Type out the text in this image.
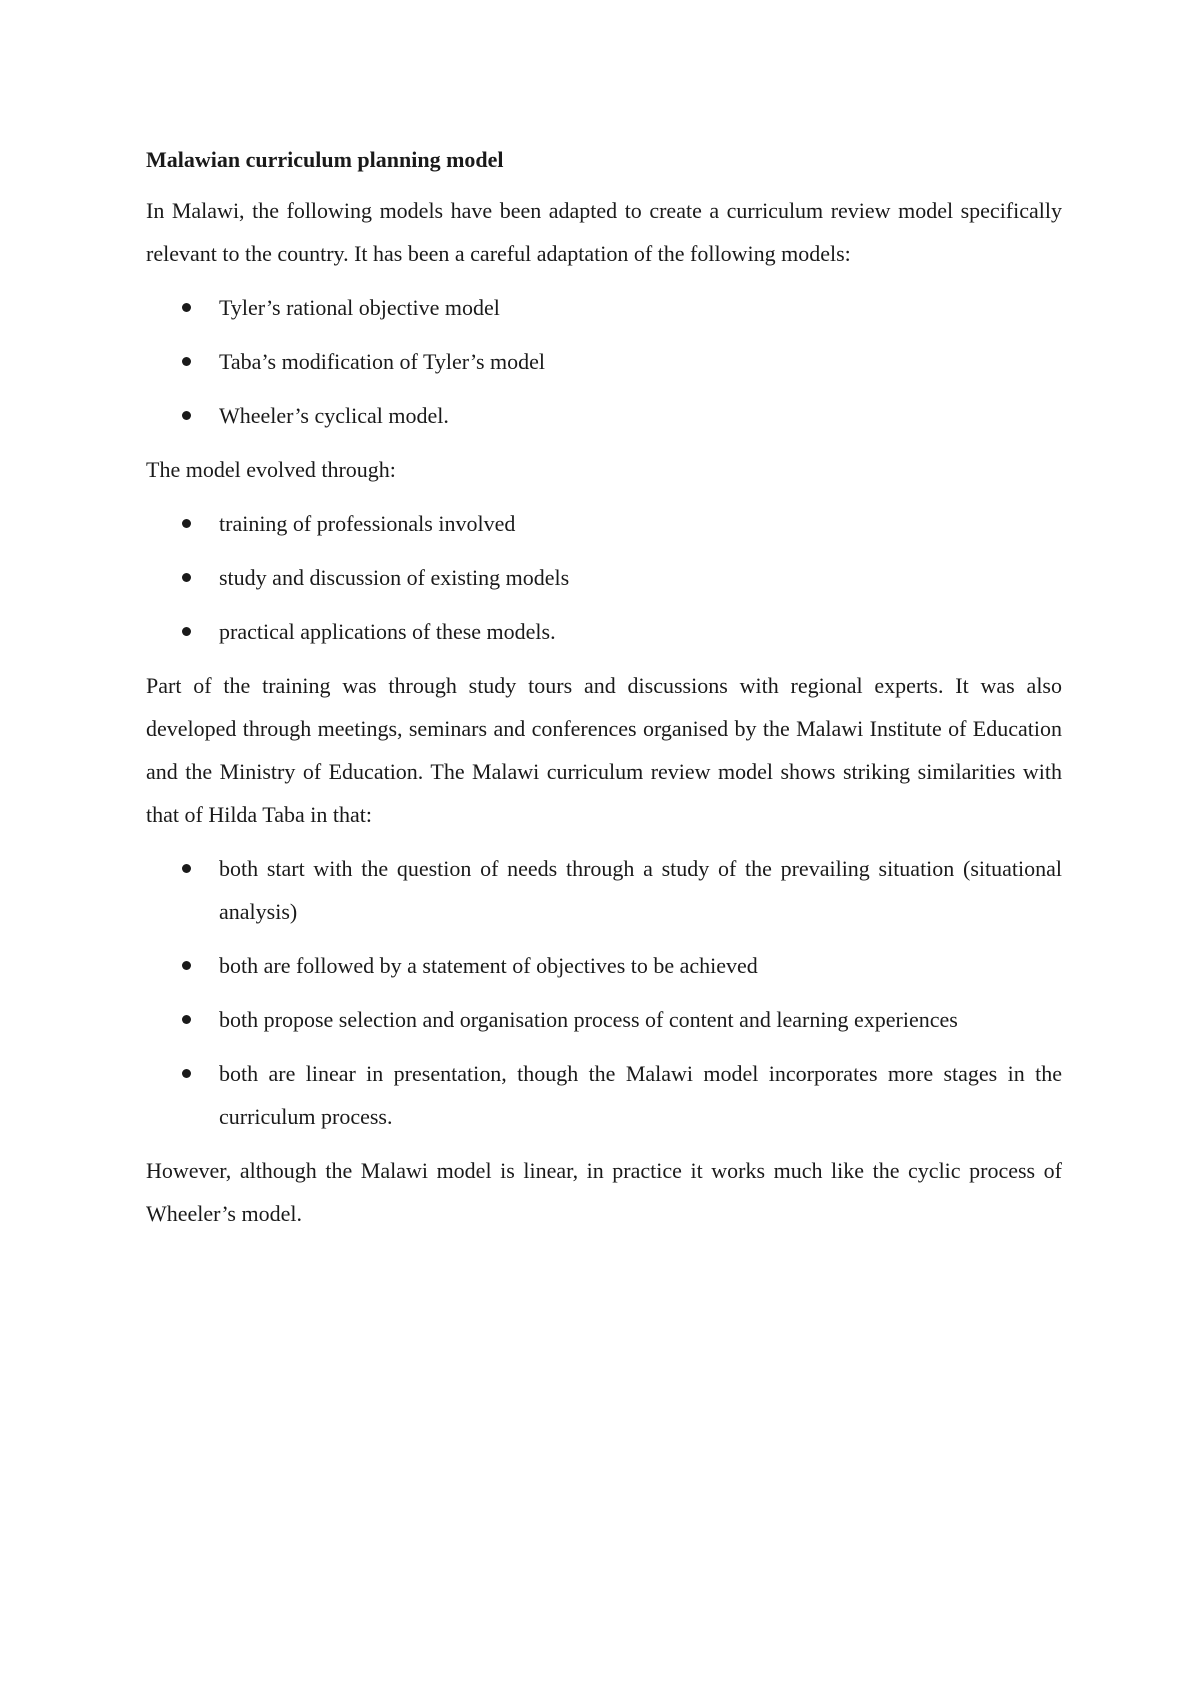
Malawian curriculum planning model

In Malawi, the following models have been adapted to create a curriculum review model specifically relevant to the country. It has been a careful adaptation of the following models:

Tyler’s rational objective model
Taba’s modification of Tyler’s model
Wheeler’s cyclical model.

The model evolved through:

training of professionals involved
study and discussion of existing models
practical applications of these models.

Part of the training was through study tours and discussions with regional experts. It was also developed through meetings, seminars and conferences organised by the Malawi Institute of Education and the Ministry of Education. The Malawi curriculum review model shows striking similarities with that of Hilda Taba in that:

both start with the question of needs through a study of the prevailing situation (situational analysis)
both are followed by a statement of objectives to be achieved
both propose selection and organisation process of content and learning experiences
both are linear in presentation, though the Malawi model incorporates more stages in the curriculum process.

However, although the Malawi model is linear, in practice it works much like the cyclic process of Wheeler’s model.
